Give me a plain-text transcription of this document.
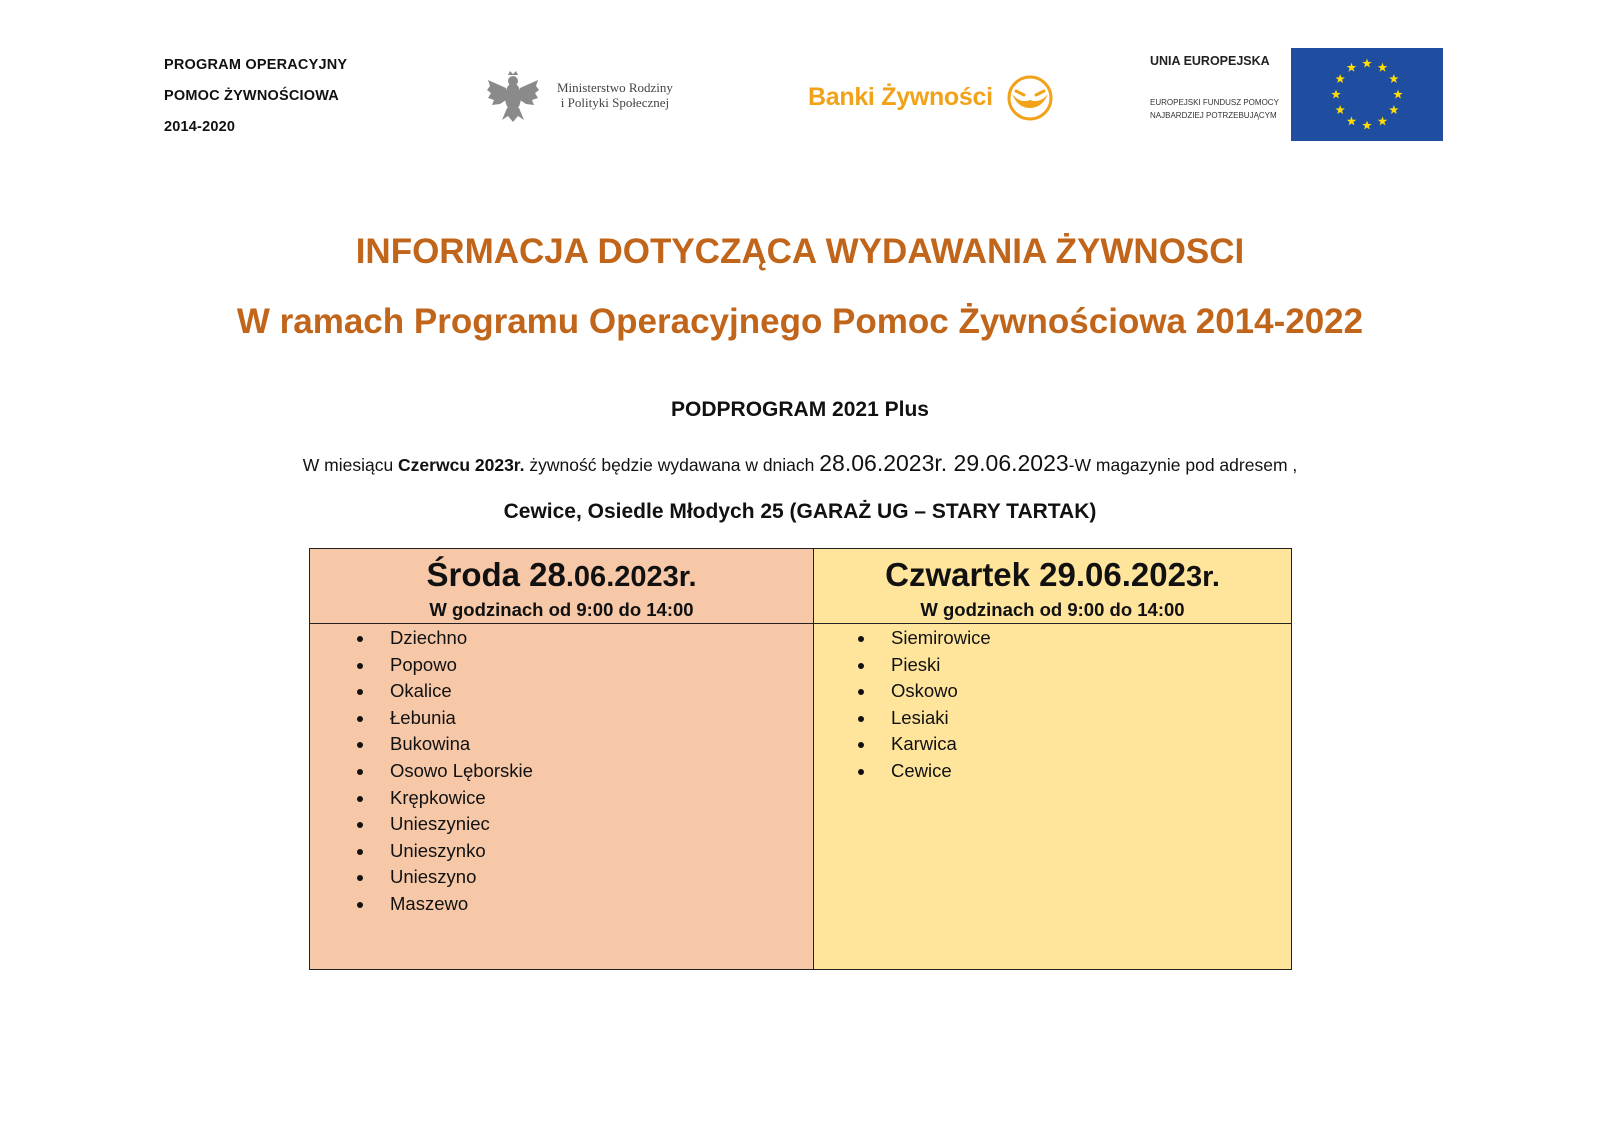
PROGRAM OPERACYJNY
POMOC ŻYWNOŚCIOWA
2014-2020
Ministerstwo Rodziny
i Polityki Społecznej	Banki Żywności
UNIA EUROPEJSKA
EUROPEJSKI FUNDUSZ POMOCY
NAJBARDZIEJ POTRZEBUJĄCYM
INFORMACJA DOTYCZĄCA WYDAWANIA ŻYWNOSCI
W ramach Programu Operacyjnego Pomoc Żywnościowa 2014-2022
PODPROGRAM 2021 Plus
W miesiącu Czerwcu 2023r. żywność będzie wydawana w dniach 28.06.2023r. 29.06.2023-W magazynie pod adresem ,
Cewice, Osiedle Młodych 25 (GARAŻ UG – STARY TARTAK)
Środa 28.06.2023r.
W godzinach od 9:00 do 14:00
Dziechno
Popowo
Okalice
Łebunia
Bukowina
Osowo Lęborskie
Krępkowice
Unieszyniec
Unieszynko
Unieszyno
Maszewo
Czwartek 29.06.2023r.
W godzinach od 9:00 do 14:00
Siemirowice
Pieski
Oskowo
Lesiaki
Karwica
Cewice
